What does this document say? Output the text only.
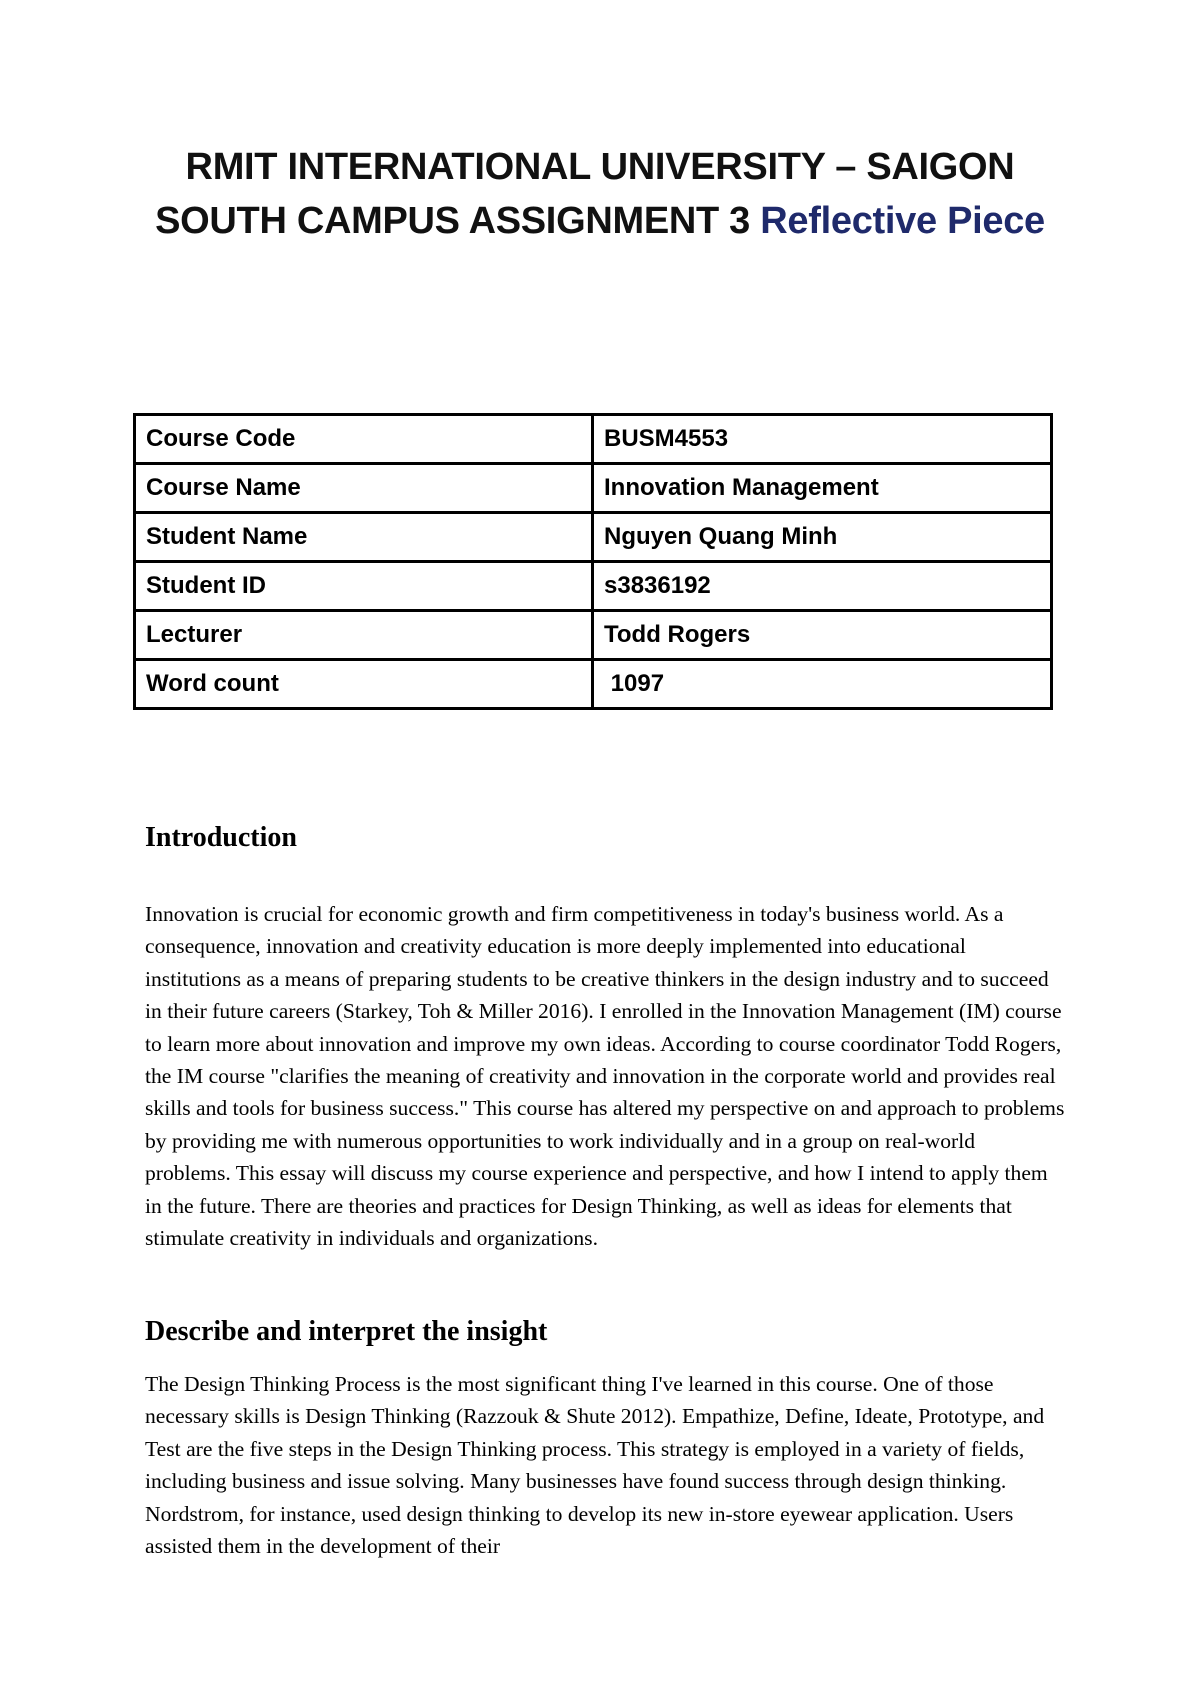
RMIT INTERNATIONAL UNIVERSITY – SAIGON SOUTH CAMPUS ASSIGNMENT 3 Reflective Piece
Course Code	BUSM4553
Course Name	Innovation Management
Student Name	Nguyen Quang Minh
Student ID	s3836192
Lecturer	Todd Rogers
Word count	1097
Introduction

Innovation is crucial for economic growth and firm competitiveness in today's business world. As a consequence, innovation and creativity education is more deeply implemented into educational institutions as a means of preparing students to be creative thinkers in the design industry and to succeed in their future careers (Starkey, Toh & Miller 2016). I enrolled in the Innovation Management (IM) course to learn more about innovation and improve my own ideas. According to course coordinator Todd Rogers, the IM course "clarifies the meaning of creativity and innovation in the corporate world and provides real skills and tools for business success." This course has altered my perspective on and approach to problems by providing me with numerous opportunities to work individually and in a group on real-world problems. This essay will discuss my course experience and perspective, and how I intend to apply them in the future. There are theories and practices for Design Thinking, as well as ideas for elements that stimulate creativity in individuals and organizations.

Describe and interpret the insight

The Design Thinking Process is the most significant thing I've learned in this course. One of those necessary skills is Design Thinking (Razzouk & Shute 2012). Empathize, Define, Ideate, Prototype, and Test are the five steps in the Design Thinking process. This strategy is employed in a variety of fields, including business and issue solving. Many businesses have found success through design thinking. Nordstrom, for instance, used design thinking to develop its new in-store eyewear application. Users assisted them in the development of their
